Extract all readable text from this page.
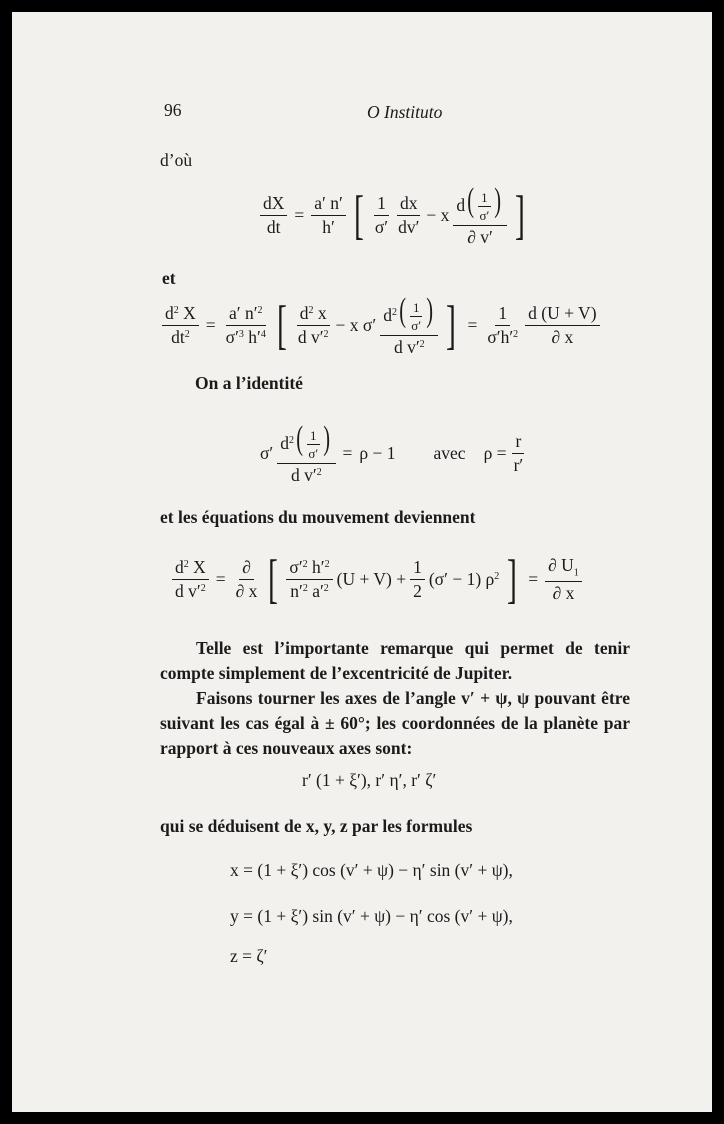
96	O Instituto
d’où
$\frac{dX}{dt} = \frac{a' n'}{h'}$ [ $\frac{1}{\sigma'} \frac{dx}{dv'} - x \frac{d( \frac{1}{\sigma'} )}{\partial v'}$ ]
et
$\frac{d^2 X}{dt^2} = \frac{a' n'^2}{\sigma'^3 h'^4}$ [ $\frac{d^2 x}{d v'^2} - x$ $\sigma' \frac{d^2( \frac{1}{\sigma'} )}{d v'^2}$ ] = $\frac{1}{\sigma'h'^2} \frac{d (U + V)}{\partial x}$
On a l’identité
$\sigma' \frac{d^2( \frac{1}{\sigma'} )}{d v'^2} = \rho - 1$ avec $\rho = \frac{r}{r'}$
et les équations du mouvement deviennent
$\frac{d^2 X}{d v'^2} = \frac{\partial}{\partial x}$ [ $\frac{\sigma'^2 h'^2}{n'^2 a'^2} (U + V) + \frac{1}{2} (\sigma' - 1)$ $\rho^2$ ] = $\frac{\partial U_1}{\partial x}$
Telle est l’importante remarque qui permet de tenir compte simplement de l’excentricité de Jupiter.
Faisons tourner les axes de l’angle v′ + ψ, ψ pouvant être suivant les cas égal à ± 60°; les coordonnées de la planète par rapport à ces nouveaux axes sont:
r′ (1 + ξ′), r′ η′, r′ ζ′
qui se déduisent de x, y, z par les formules
x = (1 + ξ′) cos (v′ + ψ) − η′ sin (v′ + ψ),
y = (1 + ξ′) sin (v′ + ψ) − η′ cos (v′ + ψ),
z = ζ′
